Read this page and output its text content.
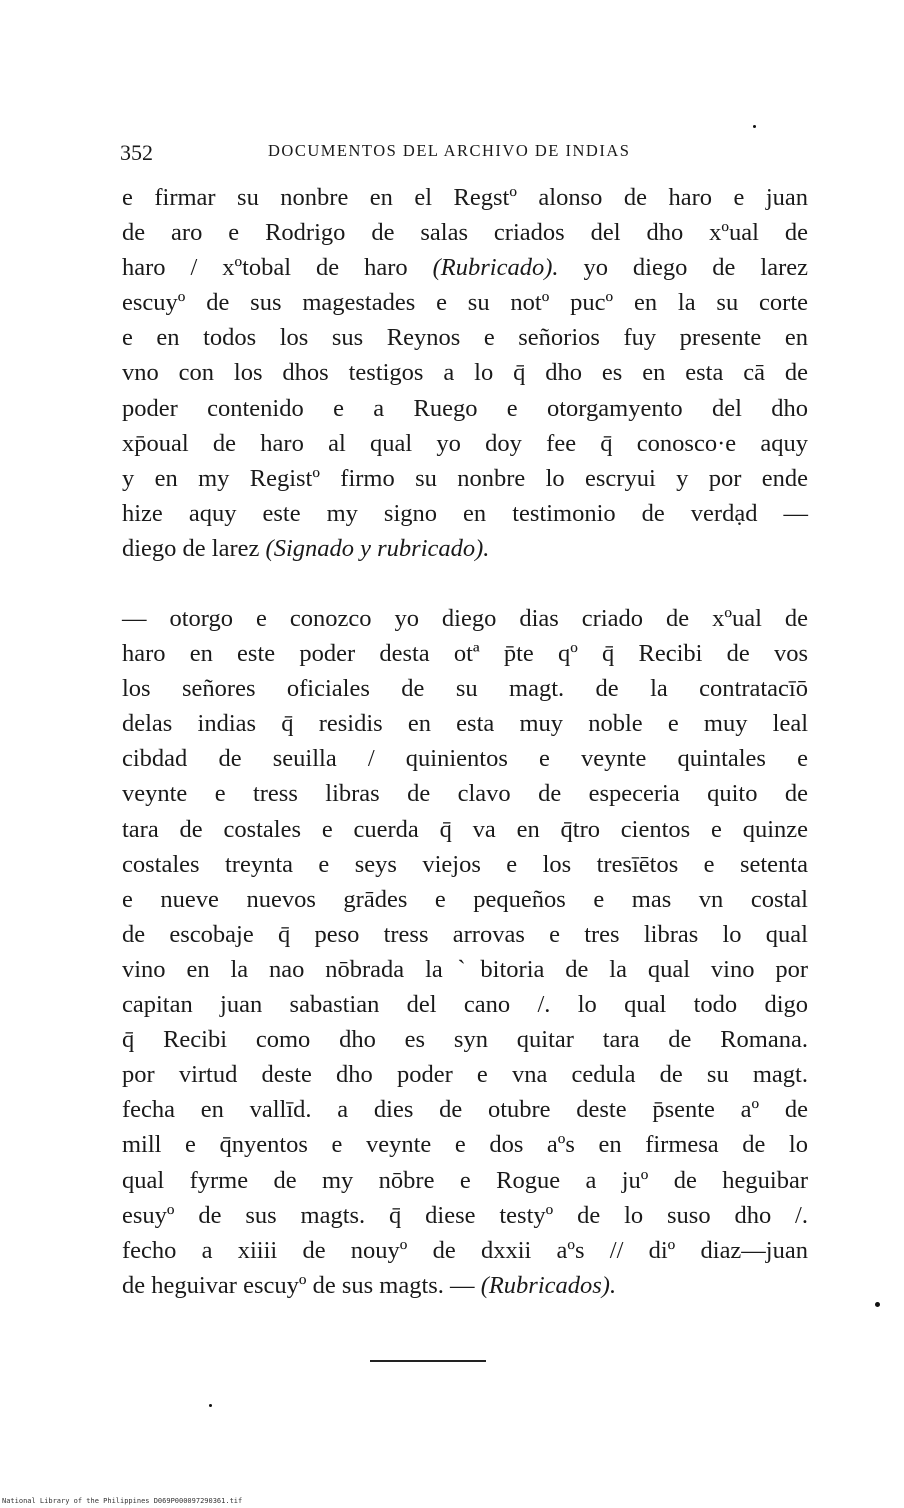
352	DOCUMENTOS DEL ARCHIVO DE INDIAS
e firmar su nonbre en el Regstº alonso de haro e juan
de aro e Rodrigo de salas criados del dho xºual de
haro / xºtobal de haro (Rubricado). yo diego de larez
escuyº de sus magestades e su notº pucº en la su corte
e en todos los sus Reynos e señorios fuy presente en
vno con los dhos testigos a lo q̄ dho es en esta cā de
poder contenido e a Ruego e otorgamyento del dho
xp̄oual de haro al qual yo doy fee q̄ conosco·e aquy
y en my Registº firmo su nonbre lo escryui y por ende
hize aquy este my signo en testimonio de verdạd —
diego de larez (Signado y rubricado).
— otorgo e conozco yo diego dias criado de xºual de
haro en este poder desta otª p̄te qº q̄ Recibi de vos
los señores oficiales de su magt. de la contratacīō
delas indias q̄ residis en esta muy noble e muy leal
cibdad de seuilla / quinientos e veynte quintales e
veynte e tress libras de clavo de especeria quito de
tara de costales e cuerda q̄ va en q̄tro cientos e quinze
costales treynta e seys viejos e los tresīētos e setenta
e nueve nuevos grādes e pequeños e mas vn costal
de escobaje q̄ peso tress arrovas e tres libras lo qual
vino en la nao nōbrada laˋbitoria de la qual vino por
capitan juan sabastian del cano /. lo qual todo digo
q̄ Recibi como dho es syn quitar tara de Romana.
por virtud deste dho poder e vna cedula de su magt.
fecha en vallīd. a dies de otubre deste p̄sente aº de
mill e q̄nyentos e veynte e dos aºs en firmesa de lo
qual fyrme de my nōbre e Rogue a juº de heguibar
esuyº de sus magts. q̄ diese testyº de lo suso dho /.
fecho a xiiii de nouyº de dxxii aºs // diº diaz—juan
de heguivar escuyº de sus magts. — (Rubricados).
National Library of the Philippines D069P000097290361.tif
